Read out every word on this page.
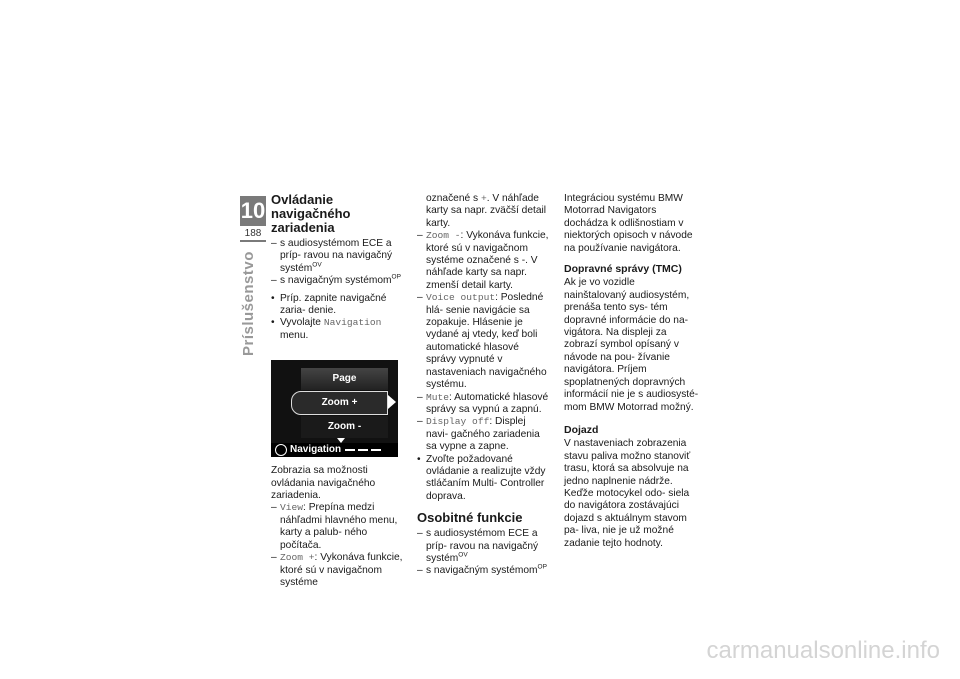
10
188
Príslušenstvo
Ovládanie navigačného zariadenia

– s audiosystémom ECE a príp- ravou na navigačný systém$^{OV}$

– s navigačným systémom$^{OP}$

• Príp. zapnite navigačné zaria- denie.

• Vyvolajte Navigation menu.

Page
Zoom +
Zoom -
Navigation

Zobrazia sa možnosti ovládania navigačného zariadenia.

– View: Prepína medzi náhľadmi hlavného menu, karty a palub- ného počítača.

– Zoom +: Vykonáva funkcie, ktoré sú v navigačnom systéme

označené s +. V náhľade karty sa napr. zväčší detail karty.

– Zoom -: Vykonáva funkcie, ktoré sú v navigačnom systéme označené s -. V náhľade karty sa napr. zmenší detail karty.

– Voice output: Posledné hlá- senie navigácie sa zopakuje. Hlásenie je vydané aj vtedy, keď boli automatické hlasové správy vypnuté v nastaveniach navigačného systému.

– Mute: Automatické hlasové správy sa vypnú a zapnú.

– Display off: Displej navi- gačného zariadenia sa vypne a zapne.

• Zvoľte požadované ovládanie a realizujte vždy stláčaním Multi- Controller doprava.

Osobitné funkcie

– s audiosystémom ECE a príp- ravou na navigačný systém$^{OV}$

– s navigačným systémom$^{OP}$

Integráciou systému BMW Motorrad Navigators dochádza k odlišnostiam v niektorých opisoch v návode na používanie navigátora.

Dopravné správy (TMC)

Ak je vo vozidle nainštalovaný audiosystém, prenáša tento sys- tém dopravné informácie do na- vigátora. Na displeji za zobrazí symbol opísaný v návode na pou- žívanie navigátora. Príjem spoplatnených dopravných informácií nie je s audiosysté- mom BMW Motorrad možný.

Dojazd

V nastaveniach zobrazenia stavu paliva možno stanoviť trasu, ktorá sa absolvuje na jedno naplnenie nádrže. Keďže motocykel odo- siela do navigátora zostávajúci dojazd s aktuálnym stavom pa- liva, nie je už možné zadanie tejto hodnoty.

carmanualsonline.info
